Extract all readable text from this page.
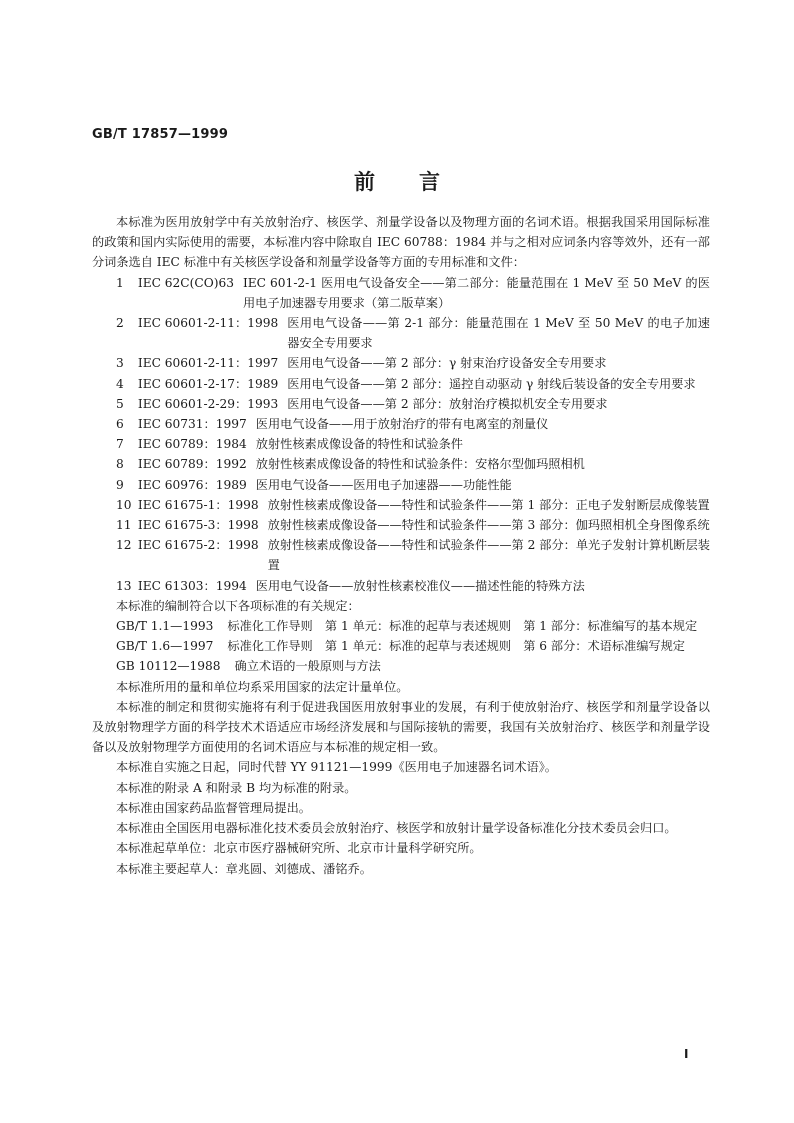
GB/T 17857—1999
前言

本标准为医用放射学中有关放射治疗、核医学、剂量学设备以及物理方面的名词术语。根据我国采用国际标准的政策和国内实际使用的需要，本标准内容中除取自 IEC 60788：1984 并与之相对应词条内容等效外，还有一部分词条选自 IEC 标准中有关核医学设备和剂量学设备等方面的专用标准和文件：

1 IEC 62C(CO)63 IEC 601-2-1 医用电气设备安全——第二部分：能量范围在 1 MeV 至 50 MeV 的医用电子加速器专用要求（第二版草案）
2 IEC 60601-2-11：1998 医用电气设备——第 2-1 部分：能量范围在 1 MeV 至 50 MeV 的电子加速器安全专用要求
3 IEC 60601-2-11：1997 医用电气设备——第 2 部分：γ 射束治疗设备安全专用要求
4 IEC 60601-2-17：1989 医用电气设备——第 2 部分：遥控自动驱动 γ 射线后装设备的安全专用要求
5 IEC 60601-2-29：1993 医用电气设备——第 2 部分：放射治疗模拟机安全专用要求
6 IEC 60731：1997 医用电气设备——用于放射治疗的带有电离室的剂量仪
7 IEC 60789：1984 放射性核素成像设备的特性和试验条件
8 IEC 60789：1992 放射性核素成像设备的特性和试验条件：安格尔型伽玛照相机
9 IEC 60976：1989 医用电气设备——医用电子加速器——功能性能
10 IEC 61675-1：1998 放射性核素成像设备——特性和试验条件——第 1 部分：正电子发射断层成像装置
11 IEC 61675-3：1998 放射性核素成像设备——特性和试验条件——第 3 部分：伽玛照相机全身图像系统
12 IEC 61675-2：1998 放射性核素成像设备——特性和试验条件——第 2 部分：单光子发射计算机断层装置
13 IEC 61303：1994 医用电气设备——放射性核素校准仪——描述性能的特殊方法

本标准的编制符合以下各项标准的有关规定：

GB/T 1.1—1993 标准化工作导则　第 1 单元：标准的起草与表述规则　第 1 部分：标准编写的基本规定
GB/T 1.6—1997 标准化工作导则　第 1 单元：标准的起草与表述规则　第 6 部分：术语标准编写规定
GB 10112—1988 确立术语的一般原则与方法

本标准所用的量和单位均系采用国家的法定计量单位。

本标准的制定和贯彻实施将有利于促进我国医用放射事业的发展，有利于使放射治疗、核医学和剂量学设备以及放射物理学方面的科学技术术语适应市场经济发展和与国际接轨的需要，我国有关放射治疗、核医学和剂量学设备以及放射物理学方面使用的名词术语应与本标准的规定相一致。

本标准自实施之日起，同时代替 YY 91121—1999《医用电子加速器名词术语》。

本标准的附录 A 和附录 B 均为标准的附录。

本标准由国家药品监督管理局提出。

本标准由全国医用电器标准化技术委员会放射治疗、核医学和放射计量学设备标准化分技术委员会归口。

本标准起草单位：北京市医疗器械研究所、北京市计量科学研究所。

本标准主要起草人：章兆圆、刘德成、潘铭乔。

Ⅰ
